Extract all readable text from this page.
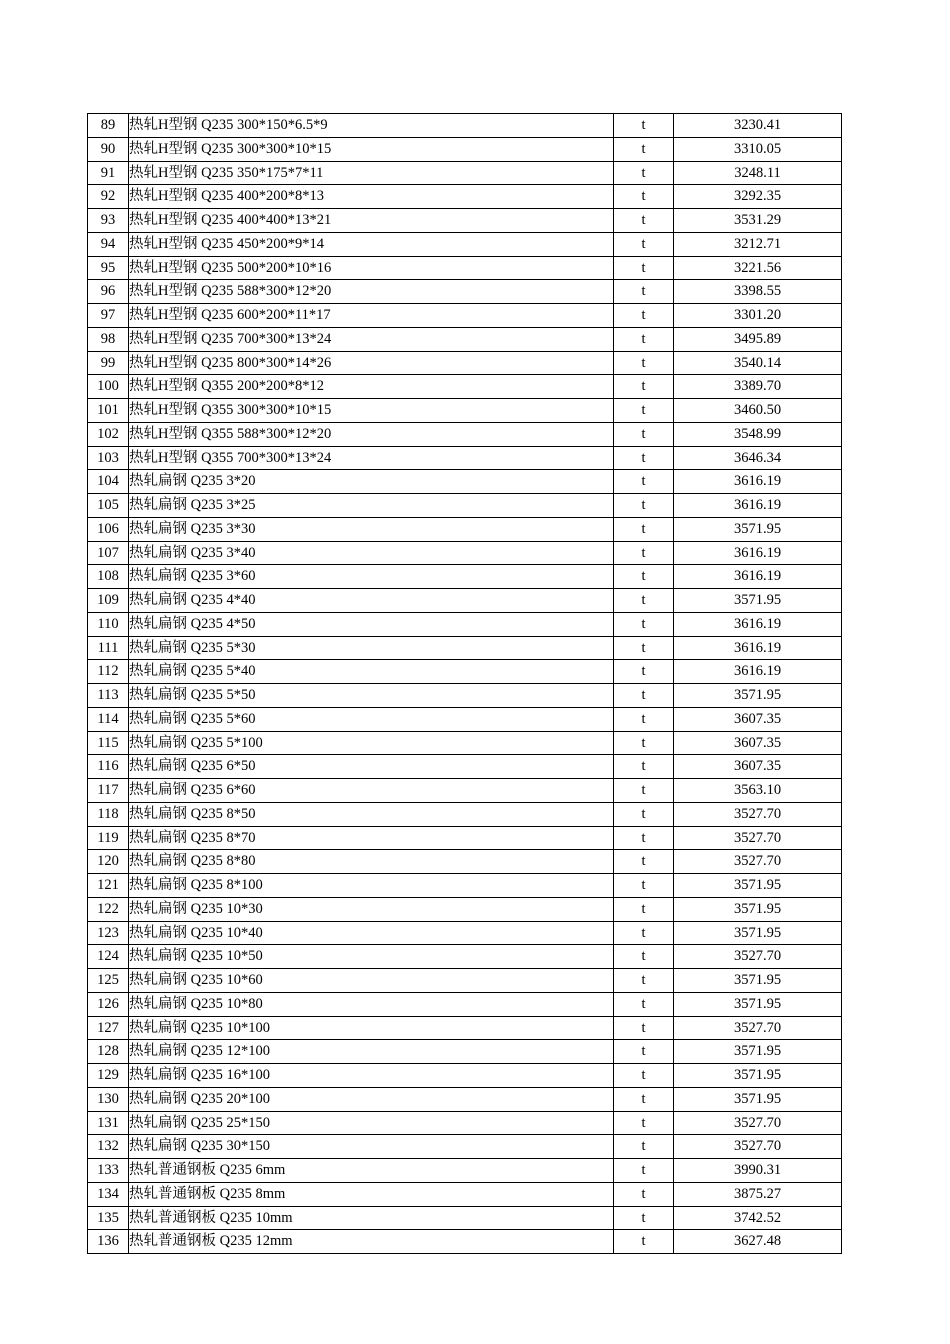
89	热轧H型钢 Q235 300*150*6.5*9	t	3230.41
90	热轧H型钢 Q235 300*300*10*15	t	3310.05
91	热轧H型钢 Q235 350*175*7*11	t	3248.11
92	热轧H型钢 Q235 400*200*8*13	t	3292.35
93	热轧H型钢 Q235 400*400*13*21	t	3531.29
94	热轧H型钢 Q235 450*200*9*14	t	3212.71
95	热轧H型钢 Q235 500*200*10*16	t	3221.56
96	热轧H型钢 Q235 588*300*12*20	t	3398.55
97	热轧H型钢 Q235 600*200*11*17	t	3301.20
98	热轧H型钢 Q235 700*300*13*24	t	3495.89
99	热轧H型钢 Q235 800*300*14*26	t	3540.14
100	热轧H型钢 Q355 200*200*8*12	t	3389.70
101	热轧H型钢 Q355 300*300*10*15	t	3460.50
102	热轧H型钢 Q355 588*300*12*20	t	3548.99
103	热轧H型钢 Q355 700*300*13*24	t	3646.34
104	热轧扁钢 Q235 3*20	t	3616.19
105	热轧扁钢 Q235 3*25	t	3616.19
106	热轧扁钢 Q235 3*30	t	3571.95
107	热轧扁钢 Q235 3*40	t	3616.19
108	热轧扁钢 Q235 3*60	t	3616.19
109	热轧扁钢 Q235 4*40	t	3571.95
110	热轧扁钢 Q235 4*50	t	3616.19
111	热轧扁钢 Q235 5*30	t	3616.19
112	热轧扁钢 Q235 5*40	t	3616.19
113	热轧扁钢 Q235 5*50	t	3571.95
114	热轧扁钢 Q235 5*60	t	3607.35
115	热轧扁钢 Q235 5*100	t	3607.35
116	热轧扁钢 Q235 6*50	t	3607.35
117	热轧扁钢 Q235 6*60	t	3563.10
118	热轧扁钢 Q235 8*50	t	3527.70
119	热轧扁钢 Q235 8*70	t	3527.70
120	热轧扁钢 Q235 8*80	t	3527.70
121	热轧扁钢 Q235 8*100	t	3571.95
122	热轧扁钢 Q235 10*30	t	3571.95
123	热轧扁钢 Q235 10*40	t	3571.95
124	热轧扁钢 Q235 10*50	t	3527.70
125	热轧扁钢 Q235 10*60	t	3571.95
126	热轧扁钢 Q235 10*80	t	3571.95
127	热轧扁钢 Q235 10*100	t	3527.70
128	热轧扁钢 Q235 12*100	t	3571.95
129	热轧扁钢 Q235 16*100	t	3571.95
130	热轧扁钢 Q235 20*100	t	3571.95
131	热轧扁钢 Q235 25*150	t	3527.70
132	热轧扁钢 Q235 30*150	t	3527.70
133	热轧普通钢板 Q235 6mm	t	3990.31
134	热轧普通钢板 Q235 8mm	t	3875.27
135	热轧普通钢板 Q235 10mm	t	3742.52
136	热轧普通钢板 Q235 12mm	t	3627.48
